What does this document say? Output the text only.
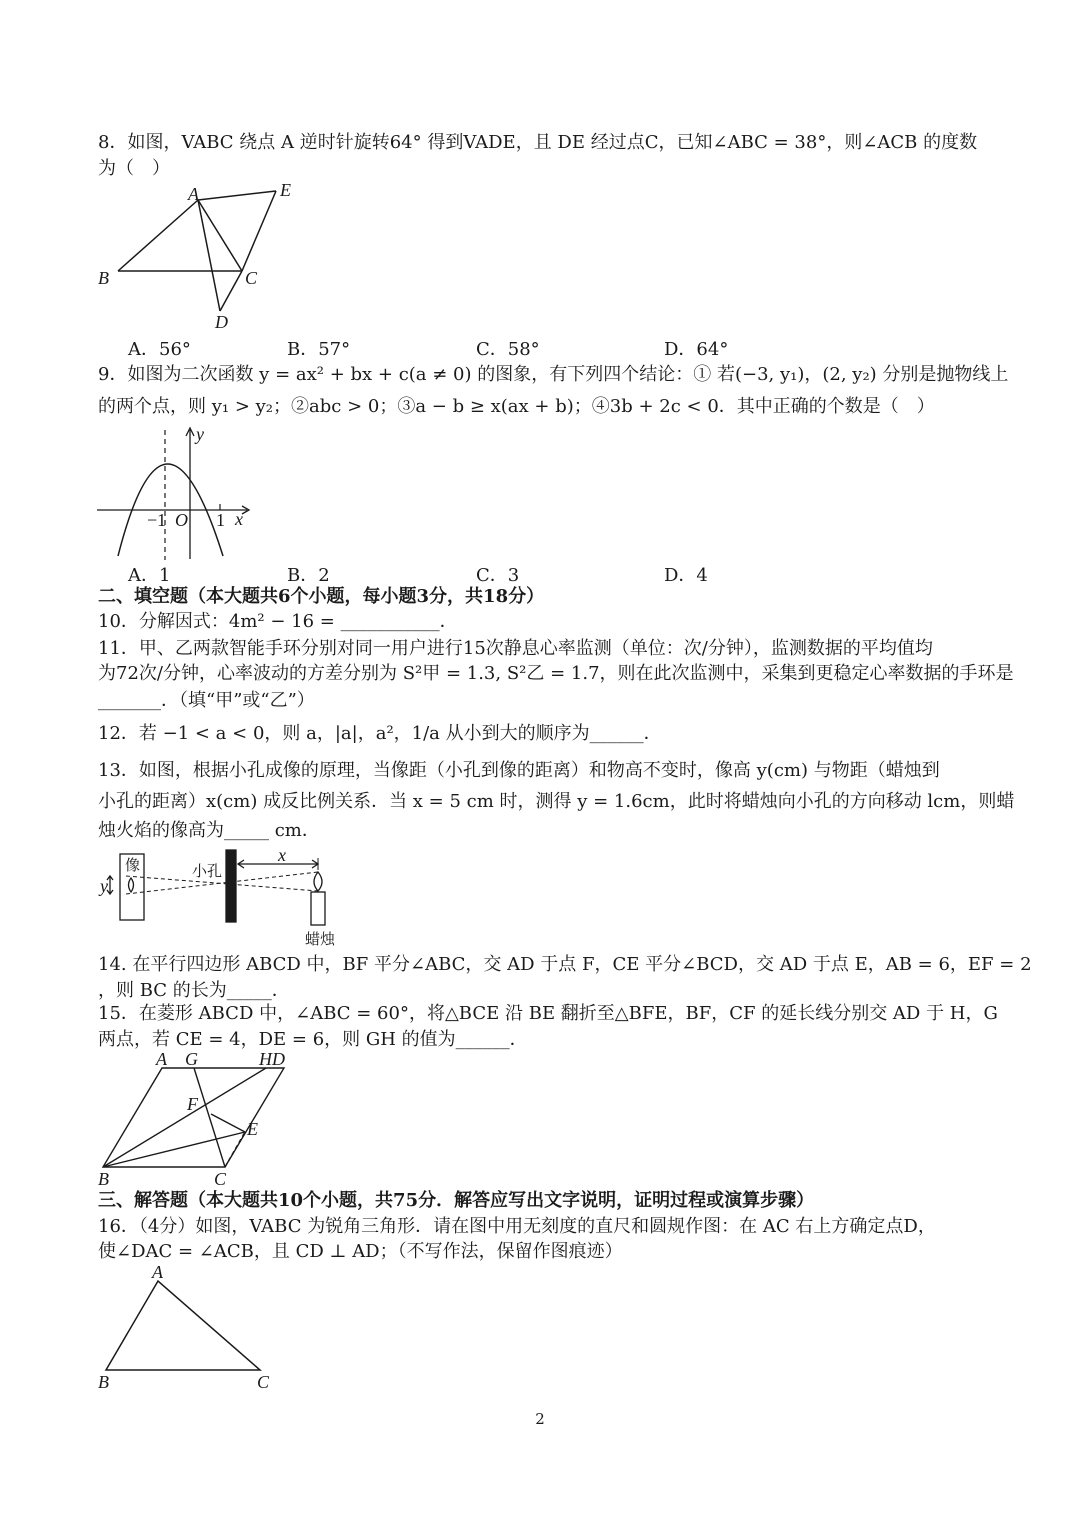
8．如图，VABC 绕点 A 逆时针旋转64° 得到VADE，且 DE 经过点C，已知∠ABC = 38°，则∠ACB 的度数
为（　）
A	E
B	C
D
A．56°	B．57°	C．58°	D．64°
9．如图为二次函数 y = ax² + bx + c(a ≠ 0) 的图象，有下列四个结论：① 若(−3, y₁)，(2, y₂) 分别是抛物线上
的两个点，则 y₁ > y₂；②abc > 0；③a − b ≥ x(ax + b)；④3b + 2c < 0．其中正确的个数是（　）
y
x
O
−1	1
A．1	B．2	C．3	D．4
二、填空题（本大题共6个小题，每小题3分，共18分）
10．分解因式：4m² − 16 = ___________．
11．甲、乙两款智能手环分别对同一用户进行15次静息心率监测（单位：次/分钟），监测数据的平均值均
为72次/分钟，心率波动的方差分别为 S²甲 = 1.3, S²乙 = 1.7，则在此次监测中，采集到更稳定心率数据的手环是
_______．（填“甲”或“乙”）
12．若 −1 < a < 0，则 a，|a|，a²，1/a 从小到大的顺序为______．
13．如图，根据小孔成像的原理，当像距（小孔到像的距离）和物高不变时，像高 y(cm) 与物距（蜡烛到
小孔的距离）x(cm) 成反比例关系．当 x = 5 cm 时，测得 y = 1.6cm，此时将蜡烛向小孔的方向移动 lcm，则蜡
烛火焰的像高为_____ cm．
像	小孔
x
y
蜡烛
14. 在平行四边形 ABCD 中，BF 平分∠ABC，交 AD 于点 F，CE 平分∠BCD，交 AD 于点 E，AB = 6，EF = 2
，则 BC 的长为_____．
15．在菱形 ABCD 中，∠ABC = 60°，将△BCE 沿 BE 翻折至△BFE，BF，CF 的延长线分别交 AD 于 H，G
两点，若 CE = 4，DE = 6，则 GH 的值为______．
A G	HD
F
E
B	C
三、解答题（本大题共10个小题，共75分．解答应写出文字说明，证明过程或演算步骤）
16．（4分）如图，VABC 为锐角三角形．请在图中用无刻度的直尺和圆规作图：在 AC 右上方确定点D，
使∠DAC = ∠ACB，且 CD ⊥ AD；（不写作法，保留作图痕迹）
A
B	C
2
